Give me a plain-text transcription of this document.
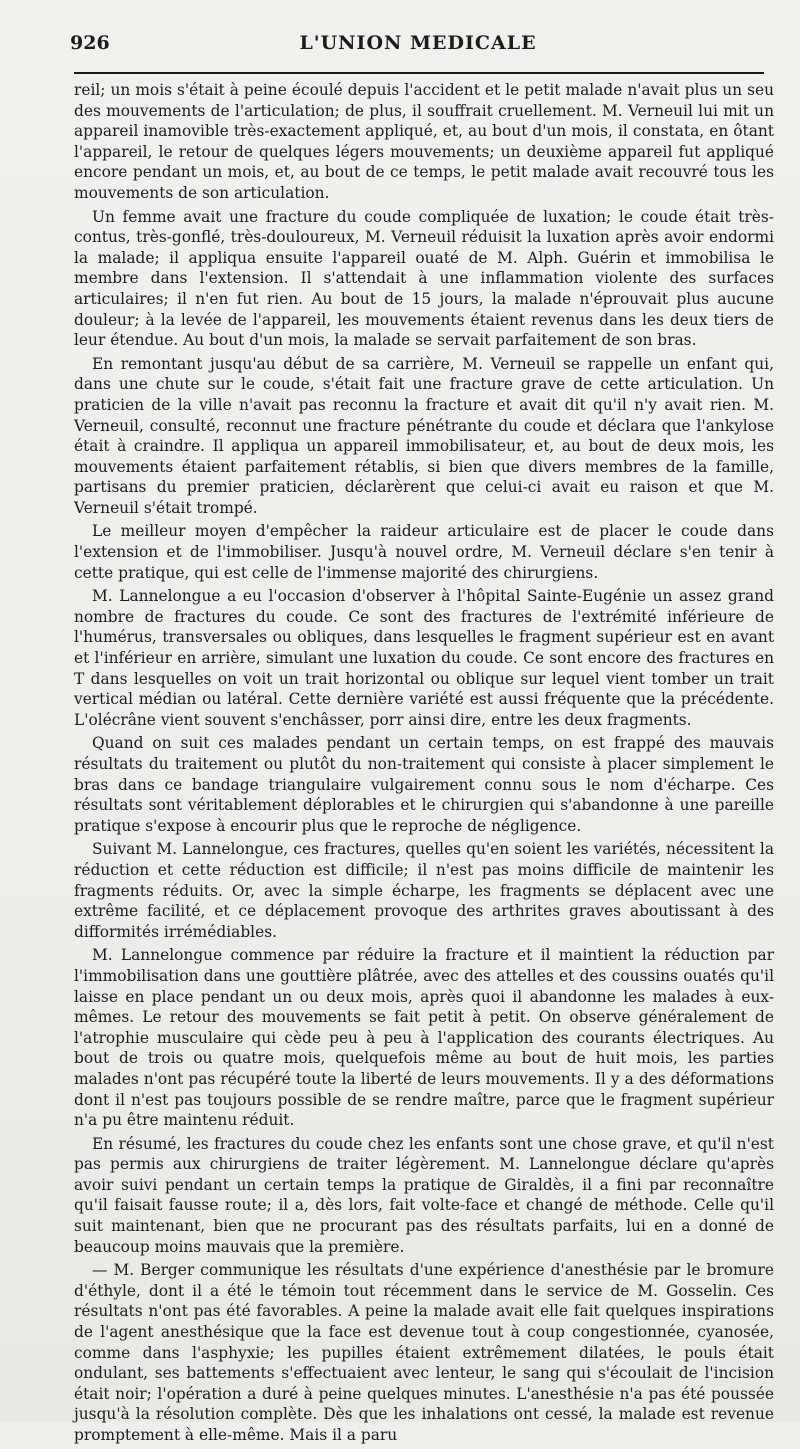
926	L'UNION MEDICALE

reil; un mois s'était à peine écoulé depuis l'accident et le petit malade n'avait plus un seu des mouvements de l'articulation; de plus, il souffrait cruellement. M. Verneuil lui mit un appareil inamovible très-exactement appliqué, et, au bout d'un mois, il constata, en ôtant l'appareil, le retour de quelques légers mouvements; un deuxième appareil fut appliqué encore pendant un mois, et, au bout de ce temps, le petit malade avait recouvré tous les mouvements de son articulation.

Un femme avait une fracture du coude compliquée de luxation; le coude était très-contus, très-gonflé, très-douloureux, M. Verneuil réduisit la luxation après avoir endormi la malade; il appliqua ensuite l'appareil ouaté de M. Alph. Guérin et immobilisa le membre dans l'extension. Il s'attendait à une inflammation violente des surfaces articulaires; il n'en fut rien. Au bout de 15 jours, la malade n'éprouvait plus aucune douleur; à la levée de l'appareil, les mouvements étaient revenus dans les deux tiers de leur étendue. Au bout d'un mois, la malade se servait parfaitement de son bras.

En remontant jusqu'au début de sa carrière, M. Verneuil se rappelle un enfant qui, dans une chute sur le coude, s'était fait une fracture grave de cette articulation. Un praticien de la ville n'avait pas reconnu la fracture et avait dit qu'il n'y avait rien. M. Verneuil, consulté, reconnut une fracture pénétrante du coude et déclara que l'ankylose était à craindre. Il appliqua un appareil immobilisateur, et, au bout de deux mois, les mouvements étaient parfaitement rétablis, si bien que divers membres de la famille, partisans du premier praticien, déclarèrent que celui-ci avait eu raison et que M. Verneuil s'était trompé.

Le meilleur moyen d'empêcher la raideur articulaire est de placer le coude dans l'extension et de l'immobiliser. Jusqu'à nouvel ordre, M. Verneuil déclare s'en tenir à cette pratique, qui est celle de l'immense majorité des chirurgiens.

M. Lannelongue a eu l'occasion d'observer à l'hôpital Sainte-Eugénie un assez grand nombre de fractures du coude. Ce sont des fractures de l'extrémité inférieure de l'humérus, transversales ou obliques, dans lesquelles le fragment supérieur est en avant et l'inférieur en arrière, simulant une luxation du coude. Ce sont encore des fractures en T dans lesquelles on voit un trait horizontal ou oblique sur lequel vient tomber un trait vertical médian ou latéral. Cette dernière variété est aussi fréquente que la précédente. L'olécrâne vient souvent s'enchâsser, porr ainsi dire, entre les deux fragments.

Quand on suit ces malades pendant un certain temps, on est frappé des mauvais résultats du traitement ou plutôt du non-traitement qui consiste à placer simplement le bras dans ce bandage triangulaire vulgairement connu sous le nom d'écharpe. Ces résultats sont véritablement déplorables et le chirurgien qui s'abandonne à une pareille pratique s'expose à encourir plus que le reproche de négligence.

Suivant M. Lannelongue, ces fractures, quelles qu'en soient les variétés, nécessitent la réduction et cette réduction est difficile; il n'est pas moins difficile de maintenir les fragments réduits. Or, avec la simple écharpe, les fragments se déplacent avec une extrême facilité, et ce déplacement provoque des arthrites graves aboutissant à des difformités irrémédiables.

M. Lannelongue commence par réduire la fracture et il maintient la réduction par l'immobilisation dans une gouttière plâtrée, avec des attelles et des coussins ouatés qu'il laisse en place pendant un ou deux mois, après quoi il abandonne les malades à eux-mêmes. Le retour des mouvements se fait petit à petit. On observe généralement de l'atrophie musculaire qui cède peu à peu à l'application des courants électriques. Au bout de trois ou quatre mois, quelquefois même au bout de huit mois, les parties malades n'ont pas récupéré toute la liberté de leurs mouvements. Il y a des déformations dont il n'est pas toujours possible de se rendre maître, parce que le fragment supérieur n'a pu être maintenu réduit.

En résumé, les fractures du coude chez les enfants sont une chose grave, et qu'il n'est pas permis aux chirurgiens de traiter légèrement. M. Lannelongue déclare qu'après avoir suivi pendant un certain temps la pratique de Giraldès, il a fini par reconnaître qu'il faisait fausse route; il a, dès lors, fait volte-face et changé de méthode. Celle qu'il suit maintenant, bien que ne procurant pas des résultats parfaits, lui en a donné de beaucoup moins mauvais que la première.

— M. Berger communique les résultats d'une expérience d'anesthésie par le bromure d'éthyle, dont il a été le témoin tout récemment dans le service de M. Gosselin. Ces résultats n'ont pas été favorables. A peine la malade avait elle fait quelques inspirations de l'agent anesthésique que la face est devenue tout à coup congestionnée, cyanosée, comme dans l'asphyxie; les pupilles étaient extrêmement dilatées, le pouls était ondulant, ses battements s'effectuaient avec lenteur, le sang qui s'écoulait de l'incision était noir; l'opération a duré à peine quelques minutes. L'anesthésie n'a pas été poussée jusqu'à la résolution complète. Dès que les inhalations ont cessé, la malade est revenue promptement à elle-même. Mais il a paru
